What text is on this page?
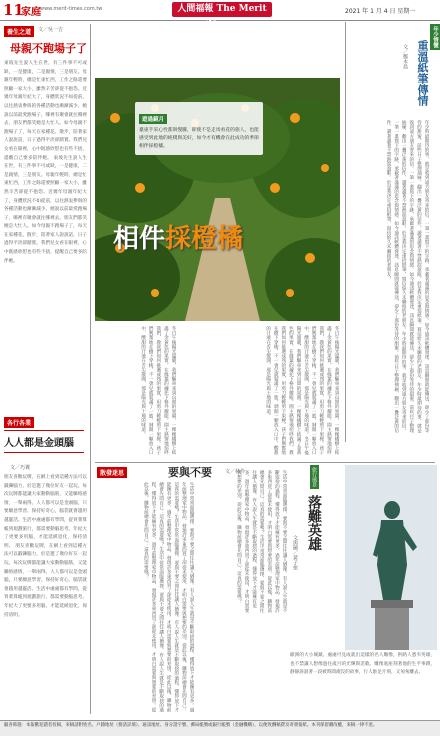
11
家庭 www.merit-times.com.tw	人間福報 The Merit Times
2021 年 1 月 4 日 星期一
養生之道	文／吳一吉
母親不跑場子了
東坡先生說人生在世，有三件事不可或缺，一是健康，二是親情，三是朋友。母親年輕時，總是忙東忙西，工作之餘還要照顧一家大小，雖然辛苦卻從不抱怨。近幾年母親年紀大了，身體狀況不如從前，以往熱衷參與的各種活動也漸漸減少。她說以前最愛跑場子，哪裡有聚會就往哪裡去，朋友們都笑她是大忙人。如今母親不跑場子了，每天在家種花、散步，陪著家人說說話，日子過得平淡卻踏實。我們兒女看在眼裡，心中既感欣慰也有些不捨，提醒自己要多陪伴她。 東坡先生說人生在世，有三件事不可或缺，一是健康，二是親情，三是朋友。母親年輕時，總是忙東忙西，工作之餘還要照顧一家大小，雖然辛苦卻從不抱怨。近幾年母親年紀大了，身體狀況不如從前，以往熱衷參與的各種活動也漸漸減少。她說以前最愛跑場子，哪裡有聚會就往哪裡去，朋友們都笑她是大忙人。如今母親不跑場子了，每天在家種花、散步，陪著家人說說話，日子過得平淡卻踏實。我們兒女看在眼裡，心中既感欣慰也有些不捨，提醒自己要多陪伴她。
各行各業
人人都是金頭腦
文／巧翼
朋友喜歡玩牌，在網上看到這種方法可以鍛鍊腦力，於是邀了幾位好友一起玩。每次玩牌都能讓大家動動腦筋，又能聯絡感情，一舉兩得。人人都可以是金頭腦，只要願意學習、保持好奇心，腦袋就會越用越靈活。生活中處處都有學問，從買菜算帳到規劃旅行，都需要動腦思考。年紀大了更要多用腦，才能延緩退化，保持清明。 朋友喜歡玩牌，在網上看到這種方法可以鍛鍊腦力，於是邀了幾位好友一起玩。每次玩牌都能讓大家動動腦筋，又能聯絡感情，一舉兩得。人人都可以是金頭腦，只要願意學習、保持好奇心，腦袋就會越用越靈活。生活中處處都有學問，從買菜算帳到規劃旅行，都需要動腦思考。年紀大了更要多用腦，才能延緩退化，保持清明。
遊過鏡月
臺東手采心性都與慢騰，即使不是走馬看花的旅人，也能感受到此地的純樸與美好，如今才有機會在此成功的季節相伴採橙橘。
相件採橙橘
冬日午後陽光溫暖，我們驅車來到山間的果園。一棵棵橘樹上結滿了金黃色的果實，在綠葉的襯托下格外耀眼。園主熱情地招呼我們，教我們如何挑選成熟的果實，用剪刀輕輕剪下果梗。孩子們興奮地在樹下穿梭，不一會兒就裝滿了一籃。剝開一顆放入口中，酸甜的汁液在舌尖散開，那是陽光與土地的味道。冬日午後陽光溫暖，我們驅車來到山間的果園。一棵棵橘樹上結滿了金黃色的果實，在綠葉的襯托下格外耀眼。園主熱情地招呼我們，教我們如何挑選成熟的果實，用剪刀輕輕剪下果梗。孩子們興奮地在樹下穿梭，不一會兒就裝滿了一籃。剝開一顆放入口中，酸甜的汁液在舌尖散開，那是陽光與土地的味道。
冬日午後陽光溫暖，我們驅車來到山間的果園。一棵棵橘樹上結滿了金黃色的果實，在綠葉的襯托下格外耀眼。園主熱情地招呼我們，教我們如何挑選成熟的果實，用剪刀輕輕剪下果梗。孩子們興奮地在樹下穿梭，不一會兒就裝滿了一籃。剝開一顆放入口中，酸甜的汁液在舌尖散開，那是陽光與土地的味道。
年少情懷
重溫紙筆傳情
文／鄭木島
年少時最期待的事，就是收到遠方朋友寄來的信。一筆一畫寫下的字跡，承載著滿滿的思念與情感。如今通訊軟體發達，訊息瞬間就能傳送，卻少了那份等待的甜蜜。前些日子整理抽屜，翻出一疊泛黃的信件，讀著讀著不禁熱淚盈眶。於是我決定重拾紙筆，寫信給久未聯絡的老朋友。年少時最期待的事，就是收到遠方朋友寄來的信。一筆一畫寫下的字跡，承載著滿滿的思念與情感。如今通訊軟體發達，訊息瞬間就能傳送，卻少了那份等待的甜蜜。前些日子整理抽屜，翻出一疊泛黃的信件，讀著讀著不禁熱淚盈眶。於是我決定重拾紙筆，寫信給久未聯絡的老朋友。年少時最期待的事，就是收到遠方朋友寄來的信。一筆一畫寫下的字跡，承載著滿滿的思念與情感。如今通訊軟體發達，訊息瞬間就能傳送，卻少了那份等待的甜蜜。前些日子整理抽屜，翻出一疊泛黃的信件，讀著讀著不禁熱淚盈眶。於是我決定重拾紙筆，寫信給久未聯絡的老朋友。
散發迷思	要與不要	文／林伶
生活中常常面臨選擇，要與不要之間往往讓人猶豫。有人說人生就是不斷取捨的過程，懂得放下才能擁有更多。過年前整理家中物品，發現許多東西買了卻從未使用，才明白需要與想要的差別。從此以後，購物前總會先問自己：這真的需要嗎？生活中常常面臨選擇，要與不要之間往往讓人猶豫。有人說人生就是不斷取捨的過程，懂得放下才能擁有更多。過年前整理家中物品，發現許多東西買了卻從未使用，才明白需要與想要的差別。從此以後，購物前總會先問自己：這真的需要嗎？生活中常常面臨選擇，要與不要之間往往讓人猶豫。有人說人生就是不斷取捨的過程，懂得放下才能擁有更多。過年前整理家中物品，發現許多東西買了卻從未使用，才明白需要與想要的差別。從此以後，購物前總會先問自己：這真的需要嗎？	生活中常常面臨選擇，要與不要之間往往讓人猶豫。有人說人生就是不斷取捨的過程，懂得放下才能擁有更多。過年前整理家中物品，發現許多東西買了卻從未使用，才明白需要與想要的差別。從此以後，購物前總會先問自己：這真的需要嗎？生活中常常面臨選擇，要與不要之間往往讓人猶豫。有人說人生就是不斷取捨的過程，懂得放下才能擁有更多。過年前整理家中物品，發現許多東西買了卻從未使用，才明白需要與想要的差別。從此以後，購物前總會先問自己：這真的需要嗎？	旅行風景
落難英雄
文與圖／黃子依
歐洲的大小城鎮，處處可見成就出這樣的名人雕像，供路人憑弔英雄，也不禁讓人想像過往歲月的光輝與悲歌。雕像底座刻著他的生平事蹟，靜靜訴說著一段被時間淹沒的故事，行人駐足片刻，又匆匆離去。
隨喜佈施：本報歡迎讀者投稿，來稿請附姓名、戶籍地址（務請詳填）、通訊地址、身分證字號、郵局帳號或銀行帳號（金融機構），以便致酬稿費及寄發報紙。本刊保留刪改權，來稿一律不退。
